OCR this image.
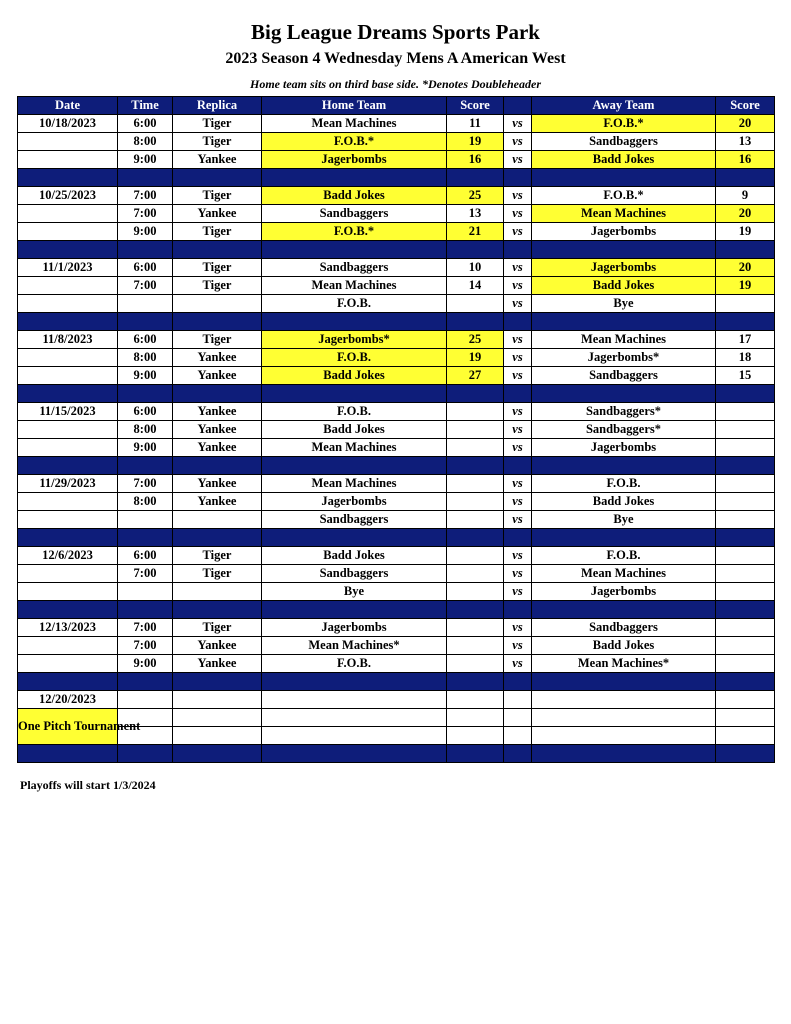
Big League Dreams Sports Park
2023 Season 4 Wednesday Mens A American West
Home team sits on third base side. *Denotes Doubleheader
Date	Time	Replica	Home Team	Score		Away Team	Score
10/18/2023	6:00	Tiger	Mean Machines	11	vs	F.O.B.*	20
	8:00	Tiger	F.O.B.*	19	vs	Sandbaggers	13
	9:00	Yankee	Jagerbombs	16	vs	Badd Jokes	16

10/25/2023	7:00	Tiger	Badd Jokes	25	vs	F.O.B.*	9
	7:00	Yankee	Sandbaggers	13	vs	Mean Machines	20
	9:00	Tiger	F.O.B.*	21	vs	Jagerbombs	19

11/1/2023	6:00	Tiger	Sandbaggers	10	vs	Jagerbombs	20
	7:00	Tiger	Mean Machines	14	vs	Badd Jokes	19
			F.O.B.		vs	Bye	

11/8/2023	6:00	Tiger	Jagerbombs*	25	vs	Mean Machines	17
	8:00	Yankee	F.O.B.	19	vs	Jagerbombs*	18
	9:00	Yankee	Badd Jokes	27	vs	Sandbaggers	15

11/15/2023	6:00	Yankee	F.O.B.		vs	Sandbaggers*	
	8:00	Yankee	Badd Jokes		vs	Sandbaggers*	
	9:00	Yankee	Mean Machines		vs	Jagerbombs	

11/29/2023	7:00	Yankee	Mean Machines		vs	F.O.B.	
	8:00	Yankee	Jagerbombs		vs	Badd Jokes	
			Sandbaggers		vs	Bye	

12/6/2023	6:00	Tiger	Badd Jokes		vs	F.O.B.	
	7:00	Tiger	Sandbaggers		vs	Mean Machines	
			Bye		vs	Jagerbombs	

12/13/2023	7:00	Tiger	Jagerbombs		vs	Sandbaggers	
	7:00	Yankee	Mean Machines*		vs	Badd Jokes	
	9:00	Yankee	F.O.B.		vs	Mean Machines*	

12/20/2023							
One Pitch Tournament							

Playoffs will start 1/3/2024
